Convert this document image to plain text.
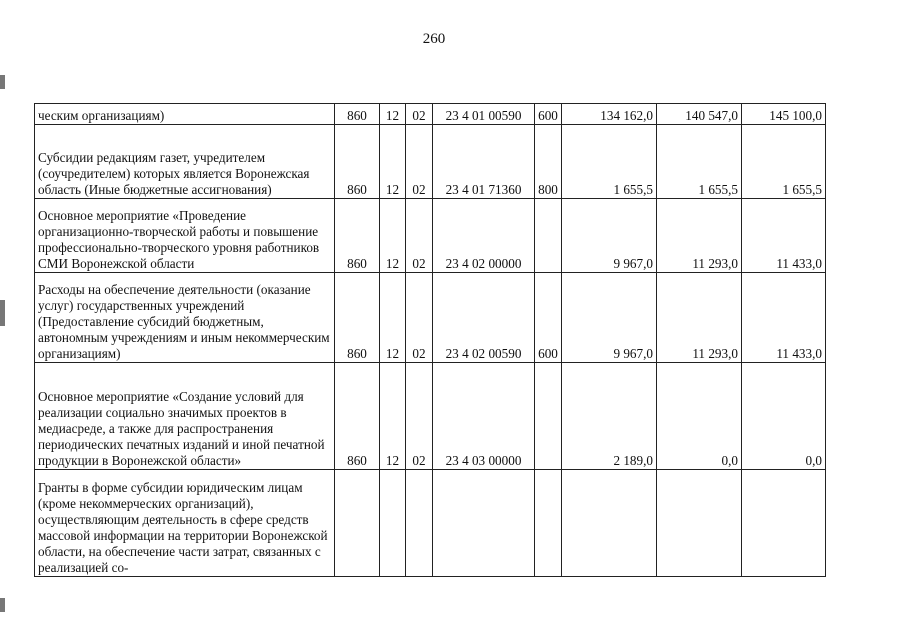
260
ческим организациям)	860	12	02	23 4 01 00590	600	134 162,0	140 547,0	145 100,0
Субсидии редакциям газет, учредителем (соучредителем) которых является Воронежская область (Иные бюджетные ассигнования)	860	12	02	23 4 01 71360	800	1 655,5	1 655,5	1 655,5
Основное мероприятие «Проведение организационно-творческой работы и повышение профессионально-творческого уровня работников СМИ Воронежской области	860	12	02	23 4 02 00000		9 967,0	11 293,0	11 433,0
Расходы на обеспечение деятельности (оказание услуг) государственных учреждений (Предоставление субсидий бюджетным, автономным учреждениям и иным некоммерческим организациям)	860	12	02	23 4 02 00590	600	9 967,0	11 293,0	11 433,0
Основное мероприятие «Создание условий для реализации социально значимых проектов в медиасреде, а также для распространения периодических печатных изданий и иной печатной продукции в Воронежской области»	860	12	02	23 4 03 00000		2 189,0	0,0	0,0
Гранты в форме субсидии юридическим лицам (кроме некоммерческих организаций), осуществляющим деятельность в сфере средств массовой информации на территории Воронежской области, на обеспечение части затрат, связанных с реализацией со-								
